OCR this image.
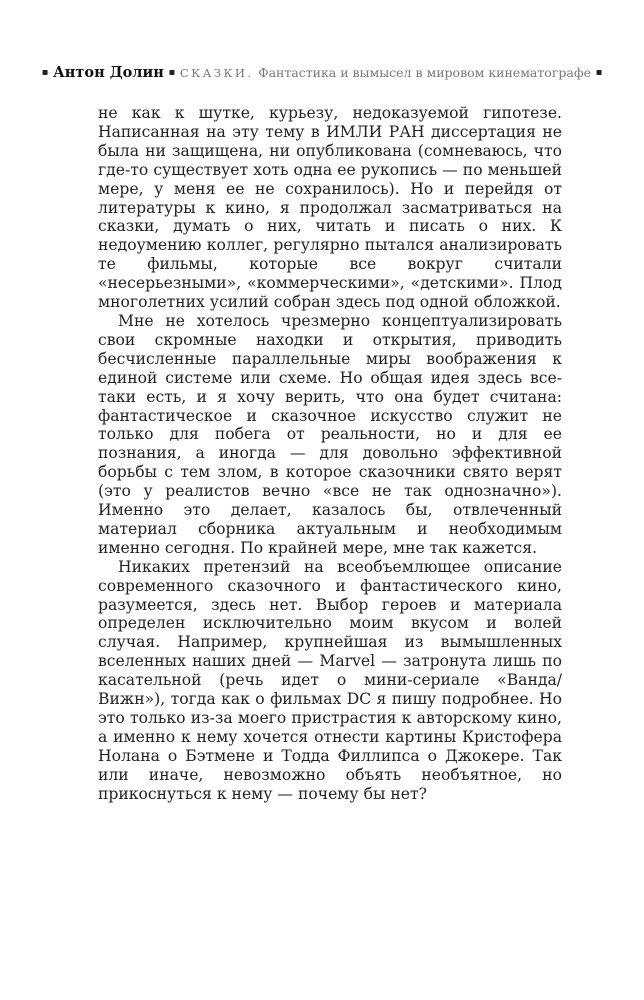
▪ Антон Долин ▪ СКАЗКИ. Фантастика и вымысел в мировом кинематографе ▪

не как к шутке, курьезу, недоказуемой гипотезе. Написанная на эту тему в ИМЛИ РАН диссертация не была ни защищена, ни опубликована (сомневаюсь, что где-то существует хоть одна ее рукопись — по меньшей мере, у меня ее не сохранилось). Но и перейдя от литературы к кино, я продолжал засматриваться на сказки, думать о них, читать и писать о них. К недоумению коллег, регулярно пытался анализировать те фильмы, которые все вокруг считали «несерьезными», «коммерческими», «детскими». Плод многолетних усилий собран здесь под одной обложкой.

Мне не хотелось чрезмерно концептуализировать свои скромные находки и открытия, приводить бесчисленные параллельные миры воображения к единой системе или схеме. Но общая идея здесь все-таки есть, и я хочу верить, что она будет считана: фантастическое и сказочное искусство служит не только для побега от реальности, но и для ее познания, а иногда — для довольно эффективной борьбы с тем злом, в которое сказочники свято верят (это у реалистов вечно «все не так однозначно»). Именно это делает, казалось бы, отвлеченный материал сборника актуальным и необходимым именно сегодня. По крайней мере, мне так кажется.

Никаких претензий на всеобъемлющее описание современного сказочного и фантастического кино, разумеется, здесь нет. Выбор героев и материала определен исключительно моим вкусом и волей случая. Например, крупнейшая из вымышленных вселенных наших дней — Marvel — затронута лишь по касательной (речь идет о мини-сериале «Ванда/Вижн»), тогда как о фильмах DC я пишу подробнее. Но это только из-за моего пристрастия к авторскому кино, а именно к нему хочется отнести картины Кристофера Нолана о Бэтмене и Тодда Филлипса о Джокере. Так или иначе, невозможно объять необъятное, но прикоснуться к нему — почему бы нет?
